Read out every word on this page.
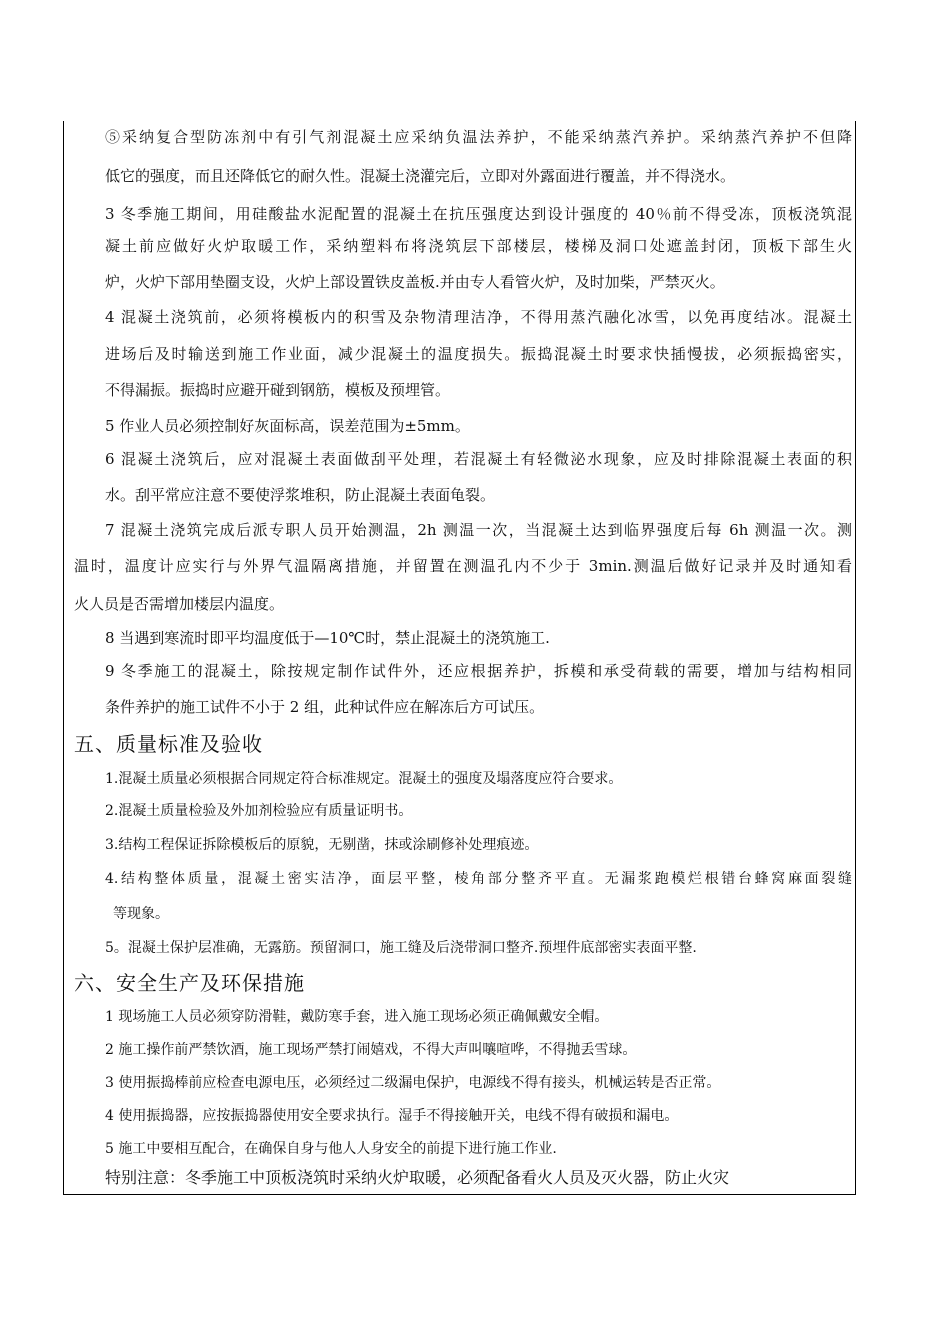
⑤采纳复合型防冻剂中有引气剂混凝土应采纳负温法养护，不能采纳蒸汽养护。采纳蒸汽养护不但降
低它的强度，而且还降低它的耐久性。混凝土浇灌完后，立即对外露面进行覆盖，并不得浇水。
3 冬季施工期间，用硅酸盐水泥配置的混凝土在抗压强度达到设计强度的 40％前不得受冻，顶板浇筑混
凝土前应做好火炉取暖工作，采纳塑料布将浇筑层下部楼层，楼梯及洞口处遮盖封闭，顶板下部生火
炉，火炉下部用垫圈支设，火炉上部设置铁皮盖板.并由专人看管火炉，及时加柴，严禁灭火。
4 混凝土浇筑前，必须将模板内的积雪及杂物清理洁净，不得用蒸汽融化冰雪，以免再度结冰。混凝土
进场后及时输送到施工作业面，减少混凝土的温度损失。振捣混凝土时要求快插慢拔，必须振捣密实，
不得漏振。振捣时应避开碰到钢筋，模板及预埋管。
5 作业人员必须控制好灰面标高，误差范围为±5mm。
6 混凝土浇筑后，应对混凝土表面做刮平处理，若混凝土有轻微泌水现象，应及时排除混凝土表面的积
水。刮平常应注意不要使浮浆堆积，防止混凝土表面龟裂。
7 混凝土浇筑完成后派专职人员开始测温，2h 测温一次，当混凝土达到临界强度后每 6h 测温一次。测
温时，温度计应实行与外界气温隔离措施，并留置在测温孔内不少于 3min.测温后做好记录并及时通知看
火人员是否需增加楼层内温度。
8 当遇到寒流时即平均温度低于—10℃时，禁止混凝土的浇筑施工.
9 冬季施工的混凝土，除按规定制作试件外，还应根据养护，拆模和承受荷载的需要，增加与结构相同
条件养护的施工试件不小于 2 组，此种试件应在解冻后方可试压。
五、质量标准及验收
1.混凝土质量必须根据合同规定符合标准规定。混凝土的强度及塌落度应符合要求。
2.混凝土质量检验及外加剂检验应有质量证明书。
3.结构工程保证拆除模板后的原貌，无剔凿，抹或涂刷修补处理痕迹。
4.结构整体质量，混凝土密实洁净，面层平整，棱角部分整齐平直。无漏浆跑模烂根错台蜂窝麻面裂缝
等现象。
5。混凝土保护层准确，无露筋。预留洞口，施工缝及后浇带洞口整齐.预埋件底部密实表面平整.
六、安全生产及环保措施
1 现场施工人员必须穿防滑鞋，戴防寒手套，进入施工现场必须正确佩戴安全帽。
2 施工操作前严禁饮酒，施工现场严禁打闹嬉戏，不得大声叫嚷喧哗，不得抛丢雪球。
3 使用振捣棒前应检查电源电压，必须经过二级漏电保护，电源线不得有接头，机械运转是否正常。
4 使用振捣器，应按振捣器使用安全要求执行。湿手不得接触开关，电线不得有破损和漏电。
5 施工中要相互配合，在确保自身与他人人身安全的前提下进行施工作业.
特别注意：冬季施工中顶板浇筑时采纳火炉取暖，必须配备看火人员及灭火器，防止火灾
